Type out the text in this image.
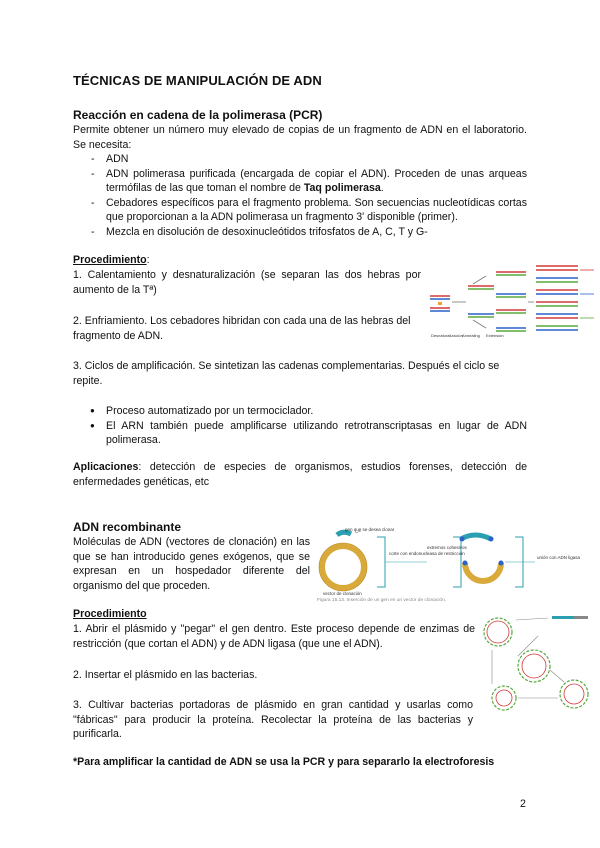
TÉCNICAS DE MANIPULACIÓN DE ADN
Reacción en cadena de la polimerasa (PCR)
Permite obtener un número muy elevado de copias de un fragmento de ADN en el laboratorio. Se necesita:
- ADN
- ADN polimerasa purificada (encargada de copiar el ADN). Proceden de unas arqueas termófilas de las que toman el nombre de Taq polimerasa.
- Cebadores específicos para el fragmento problema. Son secuencias nucleotídicas cortas que proporcionan a la ADN polimerasa un fragmento 3' disponible (primer).
- Mezcla en disolución de desoxinucleótidos trifosfatos de A, C, T y G-
Procedimiento:
1. Calentamiento y desnaturalización (se separan las dos hebras por aumento de la Tª)
2. Enfriamiento. Los cebadores hibridan con cada una de las hebras del fragmento de ADN.
3. Ciclos de amplificación. Se sintetizan las cadenas complementarias. Después el ciclo se repite.
● Proceso automatizado por un termociclador.
● El ARN también puede amplificarse utilizando retrotranscriptasas en lugar de ADN polimerasa.
Aplicaciones: detección de especies de organismos, estudios forenses, detección de enfermedades genéticas, etc
Desnaturalización Annealing Extensión
ADN recombinante
Moléculas de ADN (vectores de clonación) en las que se han introducido genes exógenos, que se expresan en un hospedador diferente del organismo del que proceden.
gen que se desea clonar
vector de clonación
corte con endonucleasa de restricción
extremos cohesivos
unión con ADN ligasa
Figura 15.13. Inserción de un gen en un vector de clonación.
Procedimiento
1. Abrir el plásmido y "pegar" el gen dentro. Este proceso depende de enzimas de restricción (que cortan el ADN) y de ADN ligasa (que une el ADN).
2. Insertar el plásmido en las bacterias.
3. Cultivar bacterias portadoras de plásmido en gran cantidad y usarlas como "fábricas" para producir la proteína. Recolectar la proteína de las bacterias y purificarla.
*Para amplificar la cantidad de ADN se usa la PCR y para separarlo la electroforesis
2
